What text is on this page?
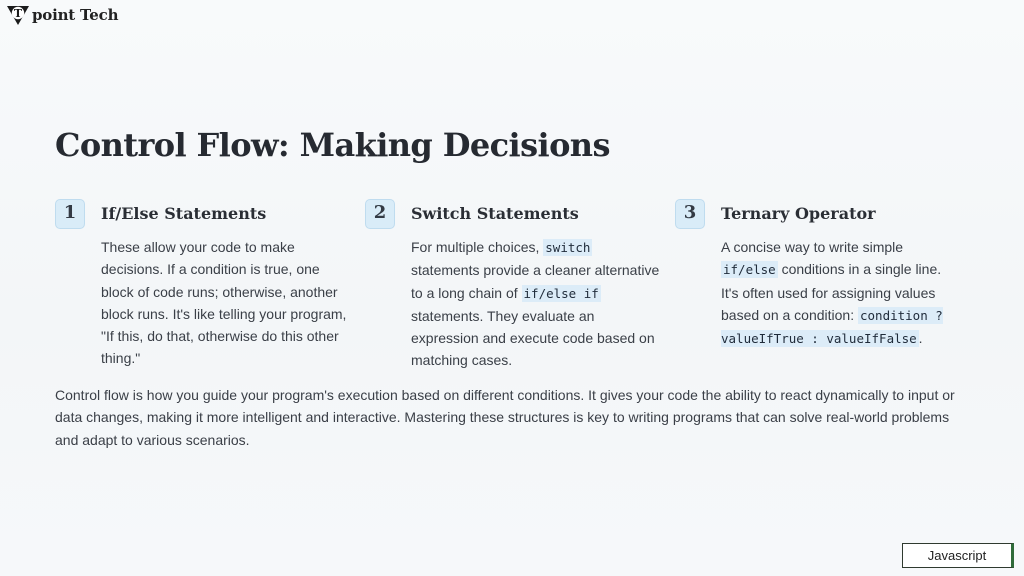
T point Tech
Control Flow: Making Decisions
1	If/Else Statements
These allow your code to make decisions. If a condition is true, one block of code runs; otherwise, another block runs. It's like telling your program, "If this, do that, otherwise do this other thing."
2	Switch Statements
For multiple choices, switch statements provide a cleaner alternative to a long chain of if/else if statements. They evaluate an expression and execute code based on matching cases.
3	Ternary Operator
A concise way to write simple if/else conditions in a single line. It's often used for assigning values based on a condition: condition ? valueIfTrue : valueIfFalse .

Control flow is how you guide your program's execution based on different conditions. It gives your code the ability to react dynamically to input or data changes, making it more intelligent and interactive. Mastering these structures is key to writing programs that can solve real-world problems and adapt to various scenarios.

Javascript
